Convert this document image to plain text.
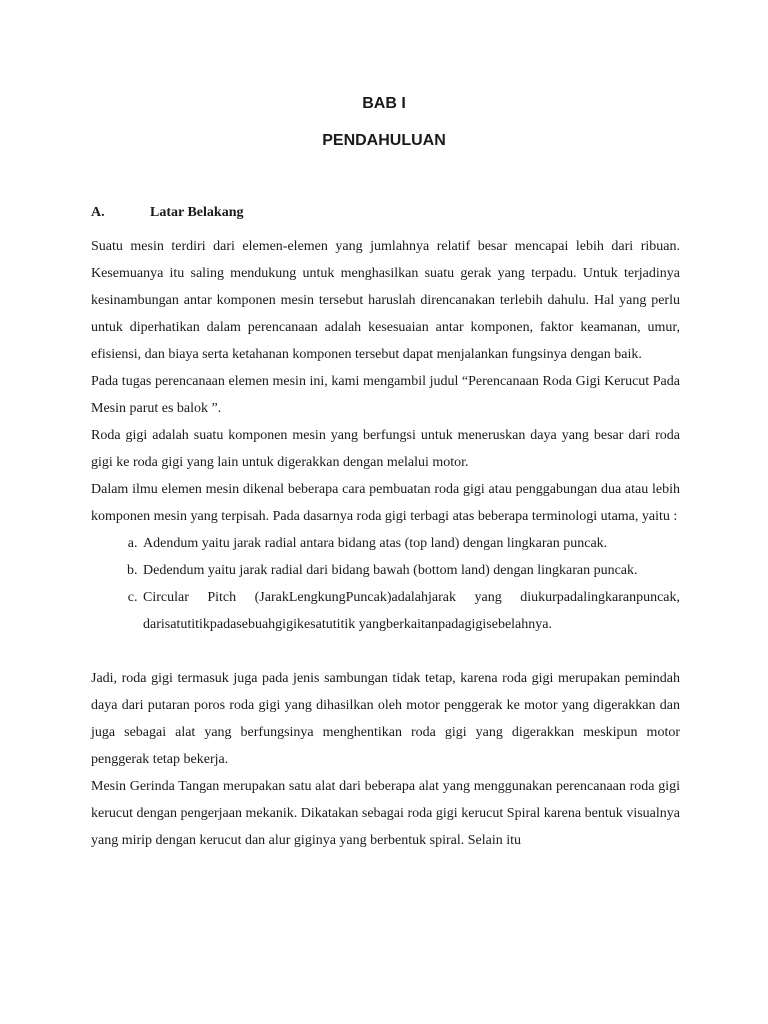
BAB I
PENDAHULUAN
A.	Latar Belakang

Suatu mesin terdiri dari elemen-elemen yang jumlahnya relatif besar mencapai lebih dari ribuan. Kesemuanya itu saling mendukung untuk menghasilkan suatu gerak yang terpadu. Untuk terjadinya kesinambungan antar komponen mesin tersebut haruslah direncanakan terlebih dahulu. Hal yang perlu untuk diperhatikan dalam perencanaan adalah kesesuaian antar komponen, faktor keamanan, umur, efisiensi, dan biaya serta ketahanan komponen tersebut dapat menjalankan fungsinya dengan baik.

Pada tugas perencanaan elemen mesin ini, kami mengambil judul “Perencanaan Roda Gigi Kerucut Pada Mesin parut es balok ”.

Roda gigi adalah suatu komponen mesin yang berfungsi untuk meneruskan daya yang besar dari roda gigi ke roda gigi yang lain untuk digerakkan dengan melalui motor.

Dalam ilmu elemen mesin dikenal beberapa cara pembuatan roda gigi atau penggabungan dua atau lebih komponen mesin yang terpisah. Pada dasarnya roda gigi terbagi atas beberapa terminologi utama, yaitu :

a. Adendum yaitu jarak radial antara bidang atas (top land) dengan lingkaran puncak.
b. Dedendum yaitu jarak radial dari bidang bawah (bottom land) dengan lingkaran puncak.
c. Circular Pitch (JarakLengkungPuncak)adalahjarak yang diukurpadalingkaranpuncak,
darisatutitikpadasebuahgigikesatutitik yangberkaitanpadagigisebelahnya.

Jadi, roda gigi termasuk juga pada jenis sambungan tidak tetap, karena roda gigi merupakan pemindah daya dari putaran poros roda gigi yang dihasilkan oleh motor penggerak ke motor yang digerakkan dan juga sebagai alat yang berfungsinya menghentikan roda gigi yang digerakkan meskipun motor penggerak tetap bekerja.

Mesin Gerinda Tangan merupakan satu alat dari beberapa alat yang menggunakan perencanaan roda gigi kerucut dengan pengerjaan mekanik. Dikatakan sebagai roda gigi kerucut Spiral karena bentuk visualnya yang mirip dengan kerucut dan alur giginya yang berbentuk spiral. Selain itu
